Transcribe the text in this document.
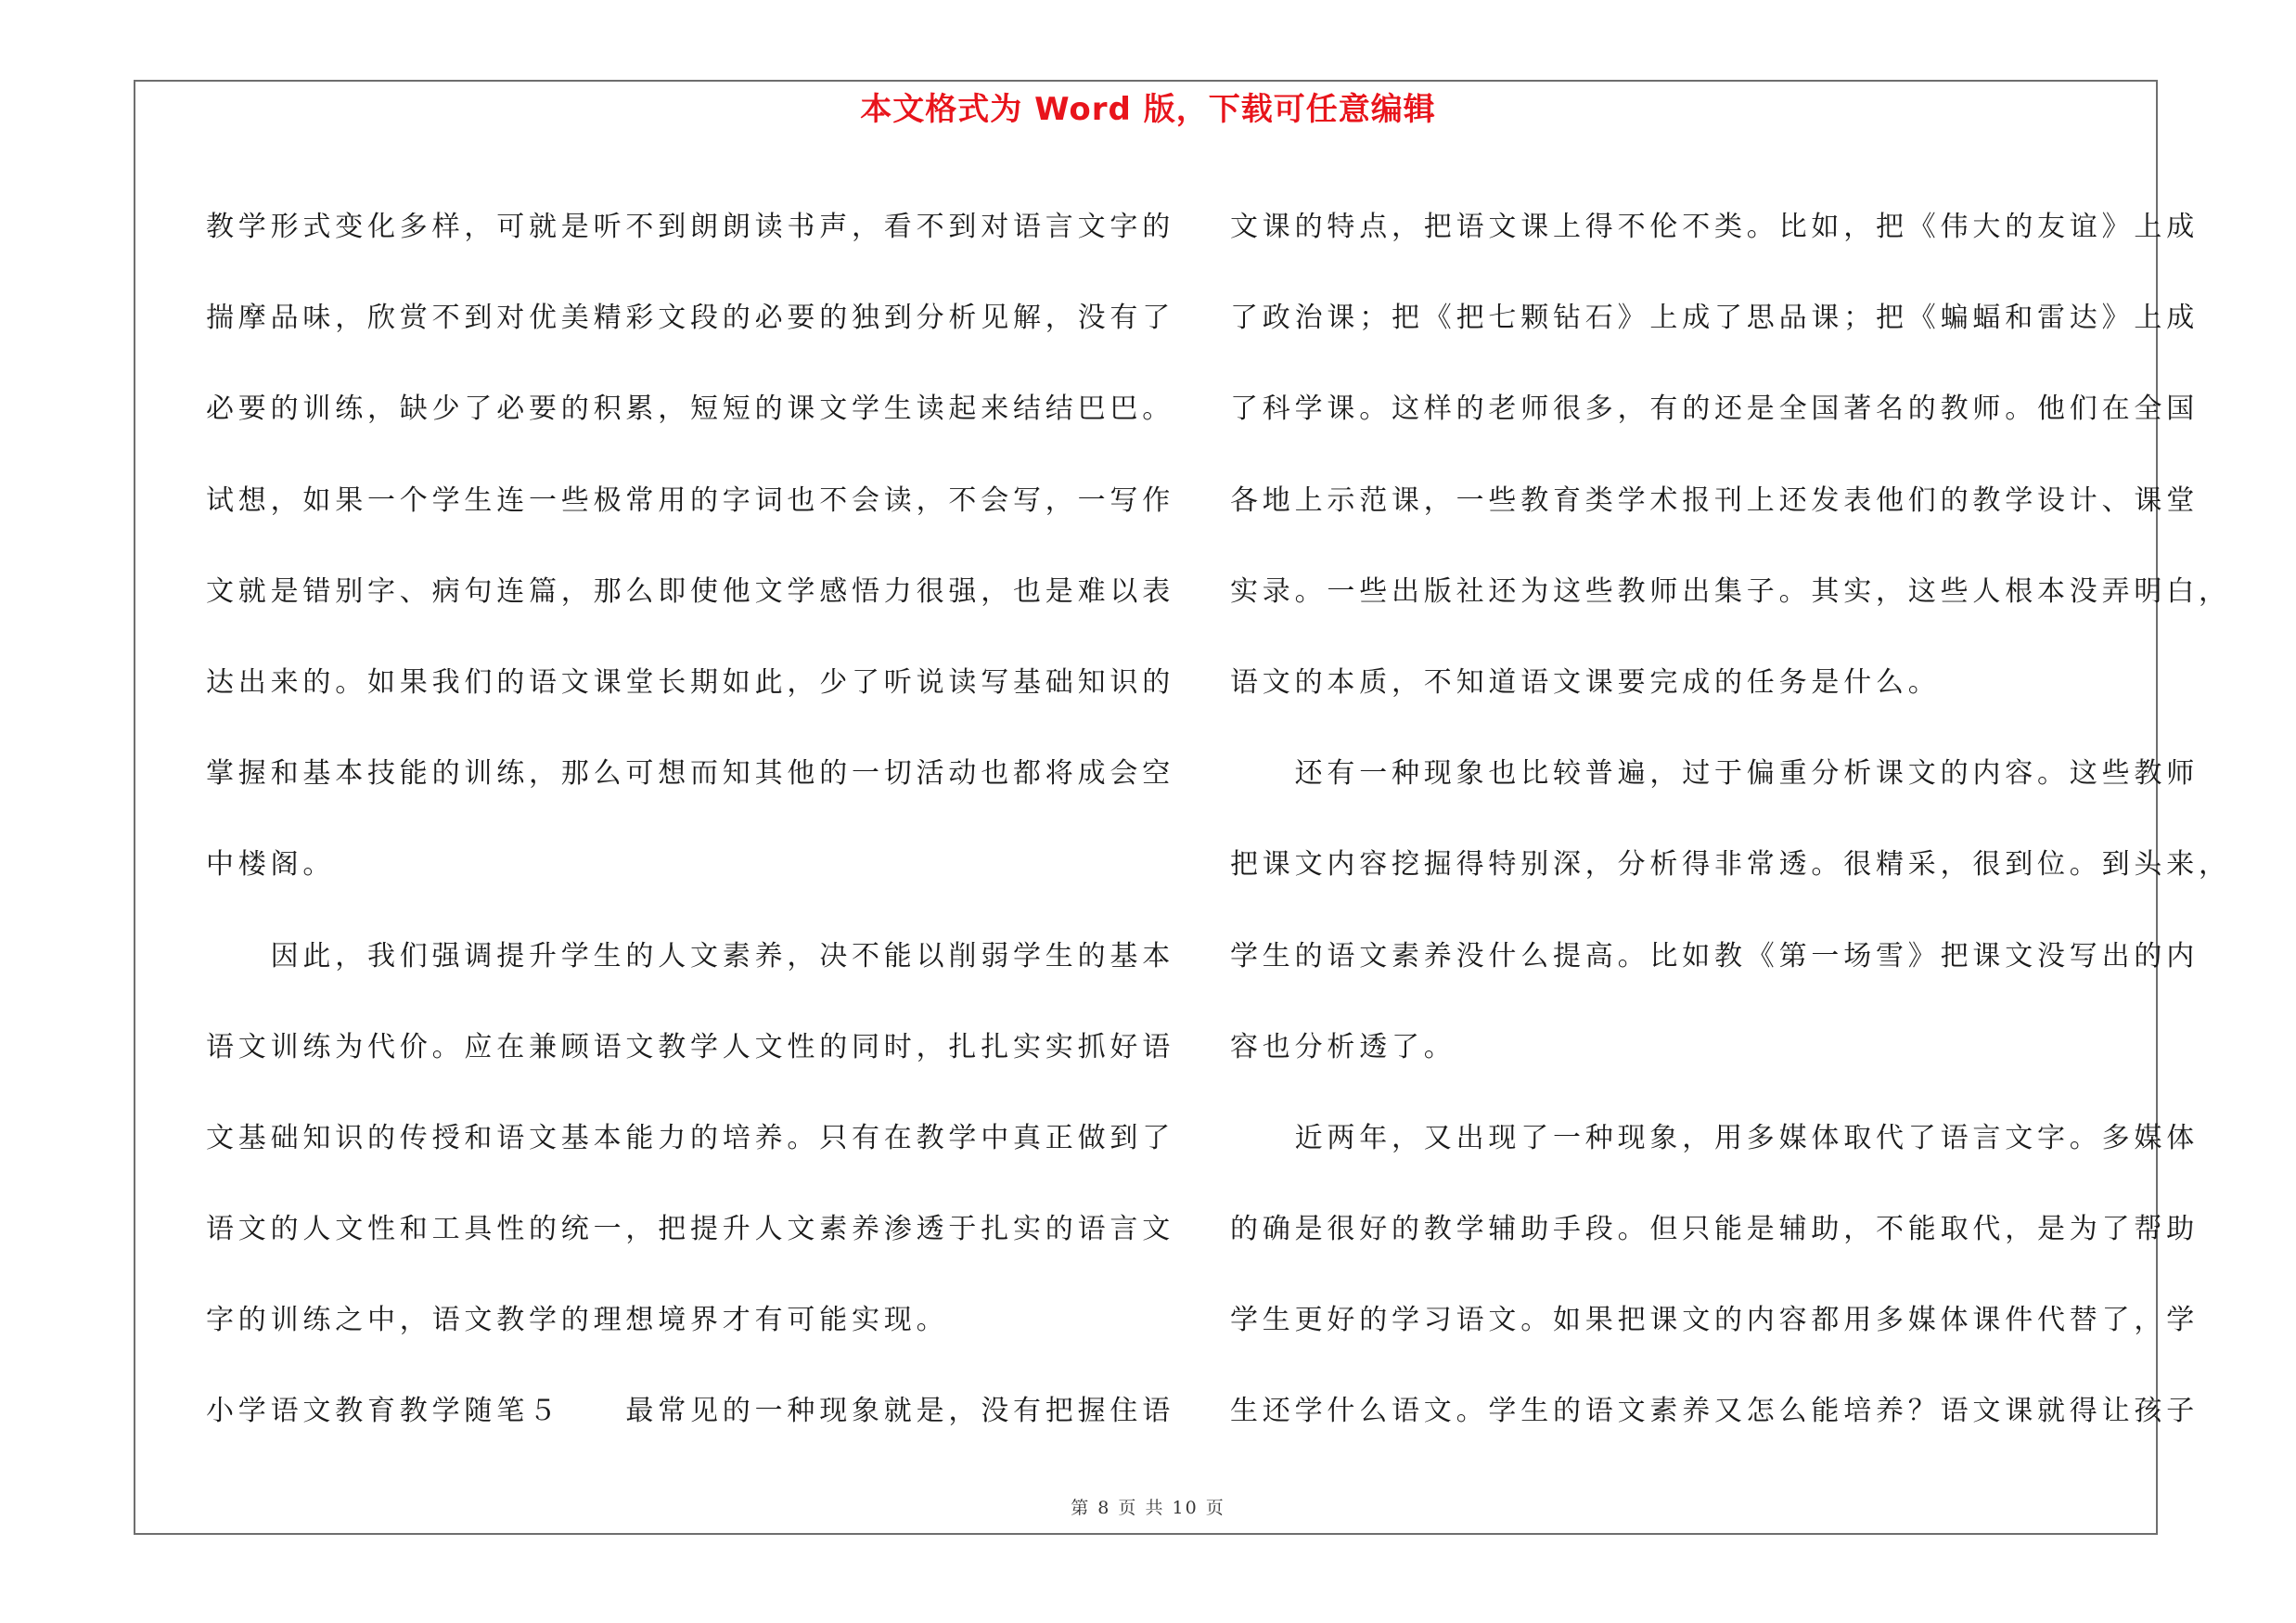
本文格式为 Word 版，下载可任意编辑
教学形式变化多样，可就是听不到朗朗读书声，看不到对语言文字的
揣摩品味，欣赏不到对优美精彩文段的必要的独到分析见解，没有了
必要的训练，缺少了必要的积累，短短的课文学生读起来结结巴巴。
试想，如果一个学生连一些极常用的字词也不会读，不会写，一写作
文就是错别字、病句连篇，那么即使他文学感悟力很强，也是难以表
达出来的。如果我们的语文课堂长期如此，少了听说读写基础知识的
掌握和基本技能的训练，那么可想而知其他的一切活动也都将成会空
中楼阁。
　　因此，我们强调提升学生的人文素养，决不能以削弱学生的基本
语文训练为代价。应在兼顾语文教学人文性的同时，扎扎实实抓好语
文基础知识的传授和语文基本能力的培养。只有在教学中真正做到了
语文的人文性和工具性的统一，把提升人文素养渗透于扎实的语言文
字的训练之中，语文教学的理想境界才有可能实现。
小学语文教育教学随笔５　　最常见的一种现象就是，没有把握住语
文课的特点，把语文课上得不伦不类。比如，把《伟大的友谊》上成
了政治课；把《把七颗钻石》上成了思品课；把《蝙蝠和雷达》上成
了科学课。这样的老师很多，有的还是全国著名的教师。他们在全国
各地上示范课，一些教育类学术报刊上还发表他们的教学设计、课堂
实录。一些出版社还为这些教师出集子。其实，这些人根本没弄明白，
语文的本质，不知道语文课要完成的任务是什么。
　　还有一种现象也比较普遍，过于偏重分析课文的内容。这些教师
把课文内容挖掘得特别深，分析得非常透。很精采，很到位。到头来，
学生的语文素养没什么提高。比如教《第一场雪》把课文没写出的内
容也分析透了。
　　近两年，又出现了一种现象，用多媒体取代了语言文字。多媒体
的确是很好的教学辅助手段。但只能是辅助，不能取代，是为了帮助
学生更好的学习语文。如果把课文的内容都用多媒体课件代替了，学
生还学什么语文。学生的语文素养又怎么能培养？语文课就得让孩子
第 8 页 共 10 页
